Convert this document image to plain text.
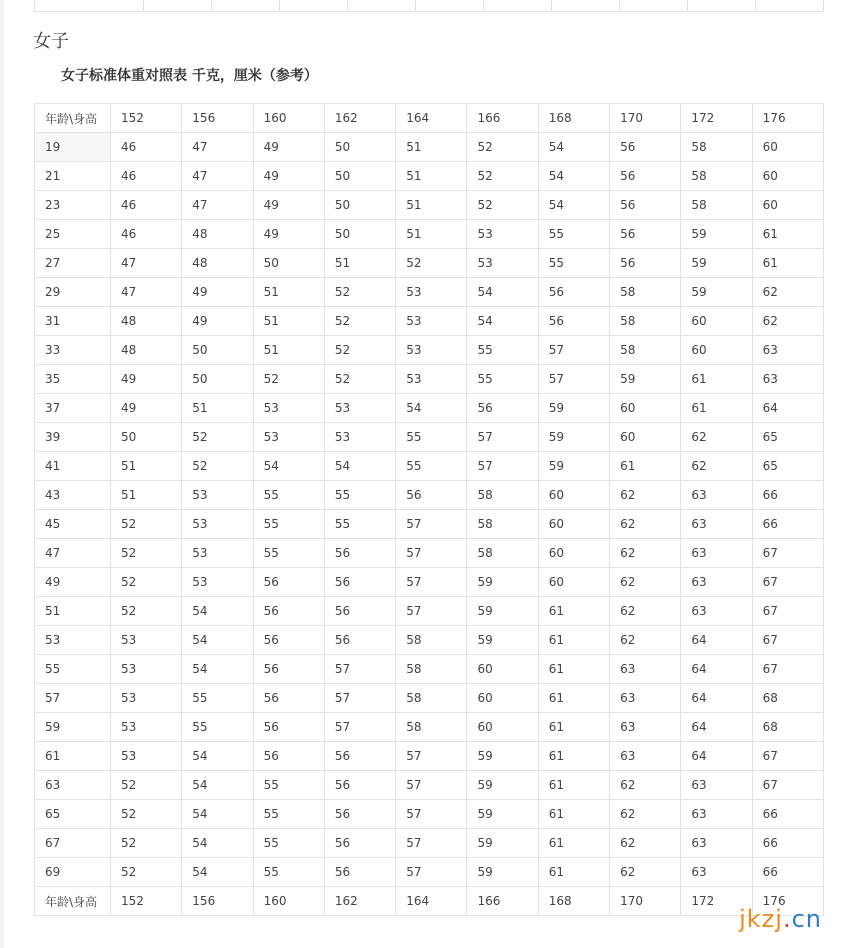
女子

女子标准体重对照表 千克，厘米（参考）

年龄\身高	152	156	160	162	164	166	168	170	172	176
19	46	47	49	50	51	52	54	56	58	60
21	46	47	49	50	51	52	54	56	58	60
23	46	47	49	50	51	52	54	56	58	60
25	46	48	49	50	51	53	55	56	59	61
27	47	48	50	51	52	53	55	56	59	61
29	47	49	51	52	53	54	56	58	59	62
31	48	49	51	52	53	54	56	58	60	62
33	48	50	51	52	53	55	57	58	60	63
35	49	50	52	52	53	55	57	59	61	63
37	49	51	53	53	54	56	59	60	61	64
39	50	52	53	53	55	57	59	60	62	65
41	51	52	54	54	55	57	59	61	62	65
43	51	53	55	55	56	58	60	62	63	66
45	52	53	55	55	57	58	60	62	63	66
47	52	53	55	56	57	58	60	62	63	67
49	52	53	56	56	57	59	60	62	63	67
51	52	54	56	56	57	59	61	62	63	67
53	53	54	56	56	58	59	61	62	64	67
55	53	54	56	57	58	60	61	63	64	67
57	53	55	56	57	58	60	61	63	64	68
59	53	55	56	57	58	60	61	63	64	68
61	53	54	56	56	57	59	61	63	64	67
63	52	54	55	56	57	59	61	62	63	67
65	52	54	55	56	57	59	61	62	63	66
67	52	54	55	56	57	59	61	62	63	66
69	52	54	55	56	57	59	61	62	63	66
年龄\身高	152	156	160	162	164	166	168	170	172	176
jkzj.cn
